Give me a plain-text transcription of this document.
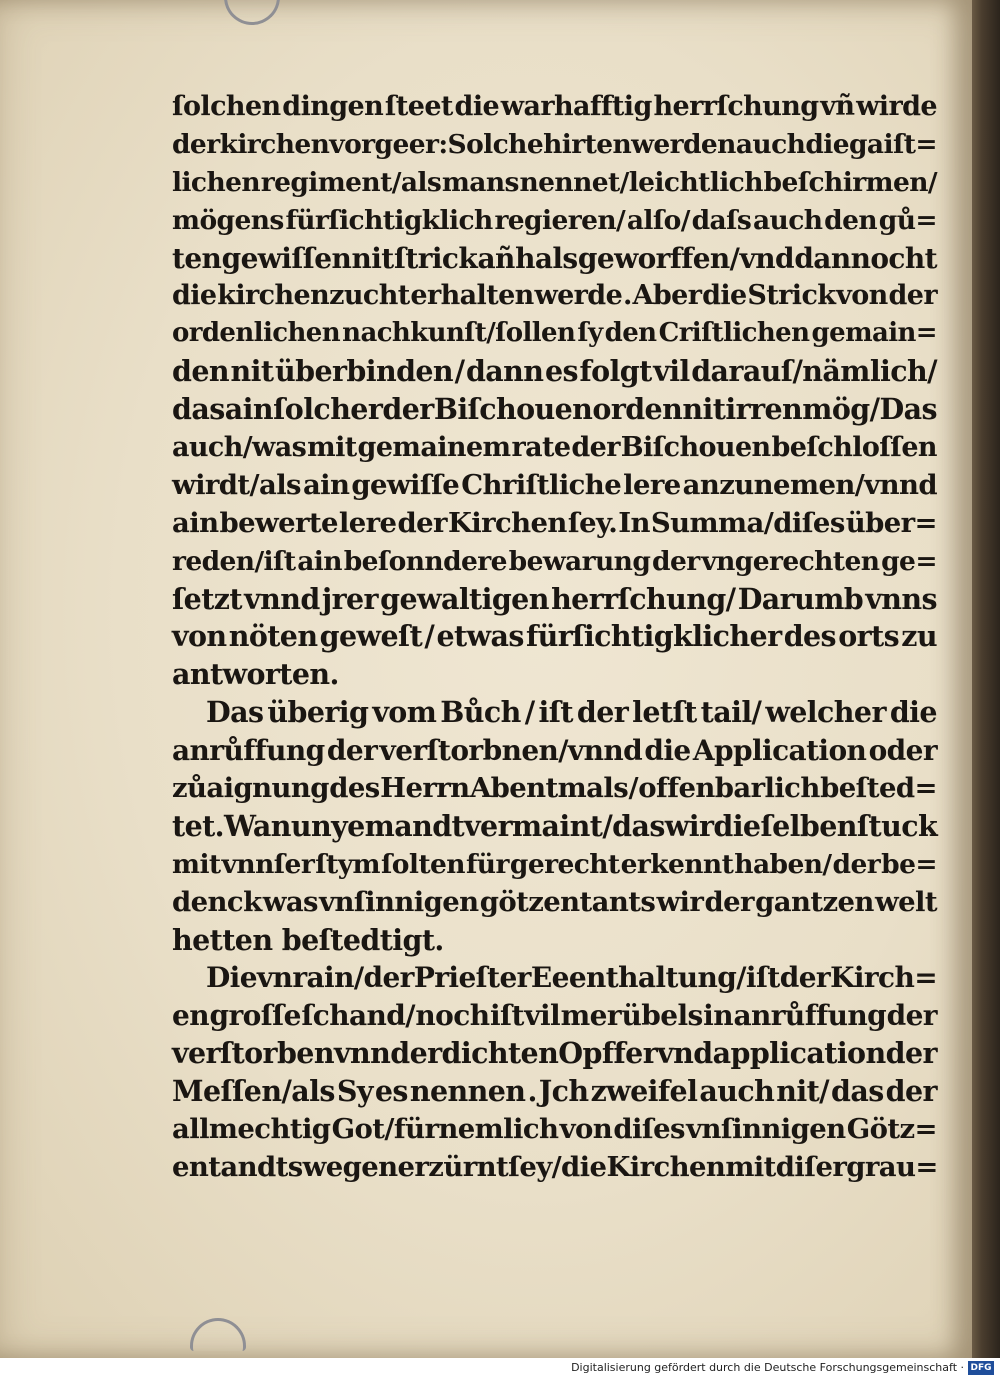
ſolchen dingen ſteet die warhafftig herrſchung vñ wirde
der kirchen vorgeer: Solche hirten werden auch die gaiſt=
lichen regiment/als mans nennet/leichtlich beſchirmen/
mögens fürſichtigklich regieren/ alſo/ daſs auch den gů=
ten gewiſſen nit ſtrick añ hals geworffen/ vnd dannocht
die kirchenzucht erhalten werde . Aber die Strick von der
ordenlichen nachkunſt/ſollen ſy den Criſtlichen gemain=
den nit überbinden / dann es folgt vil darauſ/nämlich/
das ain ſolcher der Biſchouen orden nit irren mög/ Das
auch/was mit gemainem rate der Biſchouen beſchloſſen
wirdt/als ain gewiſſe Chriſtliche lere anzunemen/vnnd
ain bewerte lere der Kirchen ſey. In Summa/diſes über=
reden/iſt ain beſonndere bewarung der vngerechten ge=
ſetzt vnnd jrer gewaltigen herrſchung/ Darumb vnns
von nöten geweſt / etwas fürſichtigklicher des orts zu
antworten.

Das überig vom Bůch / iſt der letſt tail/ welcher die
anrůffung der verſtorbnen/vnnd die Application oder
zůaignung des Herrn Abentmals / offenbarlich beſted=
tet. Wa nun yemandt vermaint/das wir dieſelben ſtuck
mit vnnſer ſtym ſolten für gerecht erkennt haben/ der be=
denck was vnſinnigen götzentants wir der gantzen welt
hetten
beſtedtigt.

Die vnrain/der Prieſter Ee enthaltung/iſt der Kirch=
en groſſe ſchand/ noch iſt vil mer übels in anrůffung der
verſtorben vnnd erdichten Opffer vnd application der
Meſſen/als Sy es nennen . Jch zweifel auch nit/ das der
allmechtig Got/fürnemlich von diſes vnſinnigen Götz=
entandts wegen erzürnt ſey/die Kirchen mit diſer grau=
Digitalisierung gefördert durch die Deutsche Forschungsgemeinschaft · DFG
